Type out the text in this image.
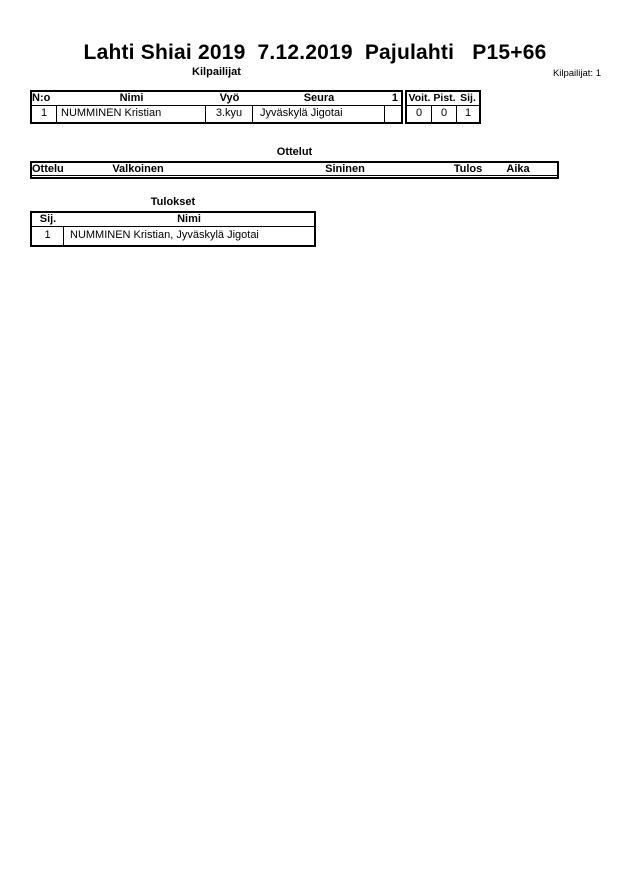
Lahti Shiai 2019  7.12.2019  Pajulahti   P15+66
Kilpailijat	Kilpailijat: 1
N:o	Nimi	Vyö	Seura	1
1	NUMMINEN Kristian	3.kyu	Jyväskylä Jigotai
Voit. Pist. Sij.
0	0	1
Ottelut
Ottelu	Valkoinen	Sininen	Tulos Aika
Tulokset
Sij.	Nimi
1	NUMMINEN Kristian, Jyväskylä Jigotai
